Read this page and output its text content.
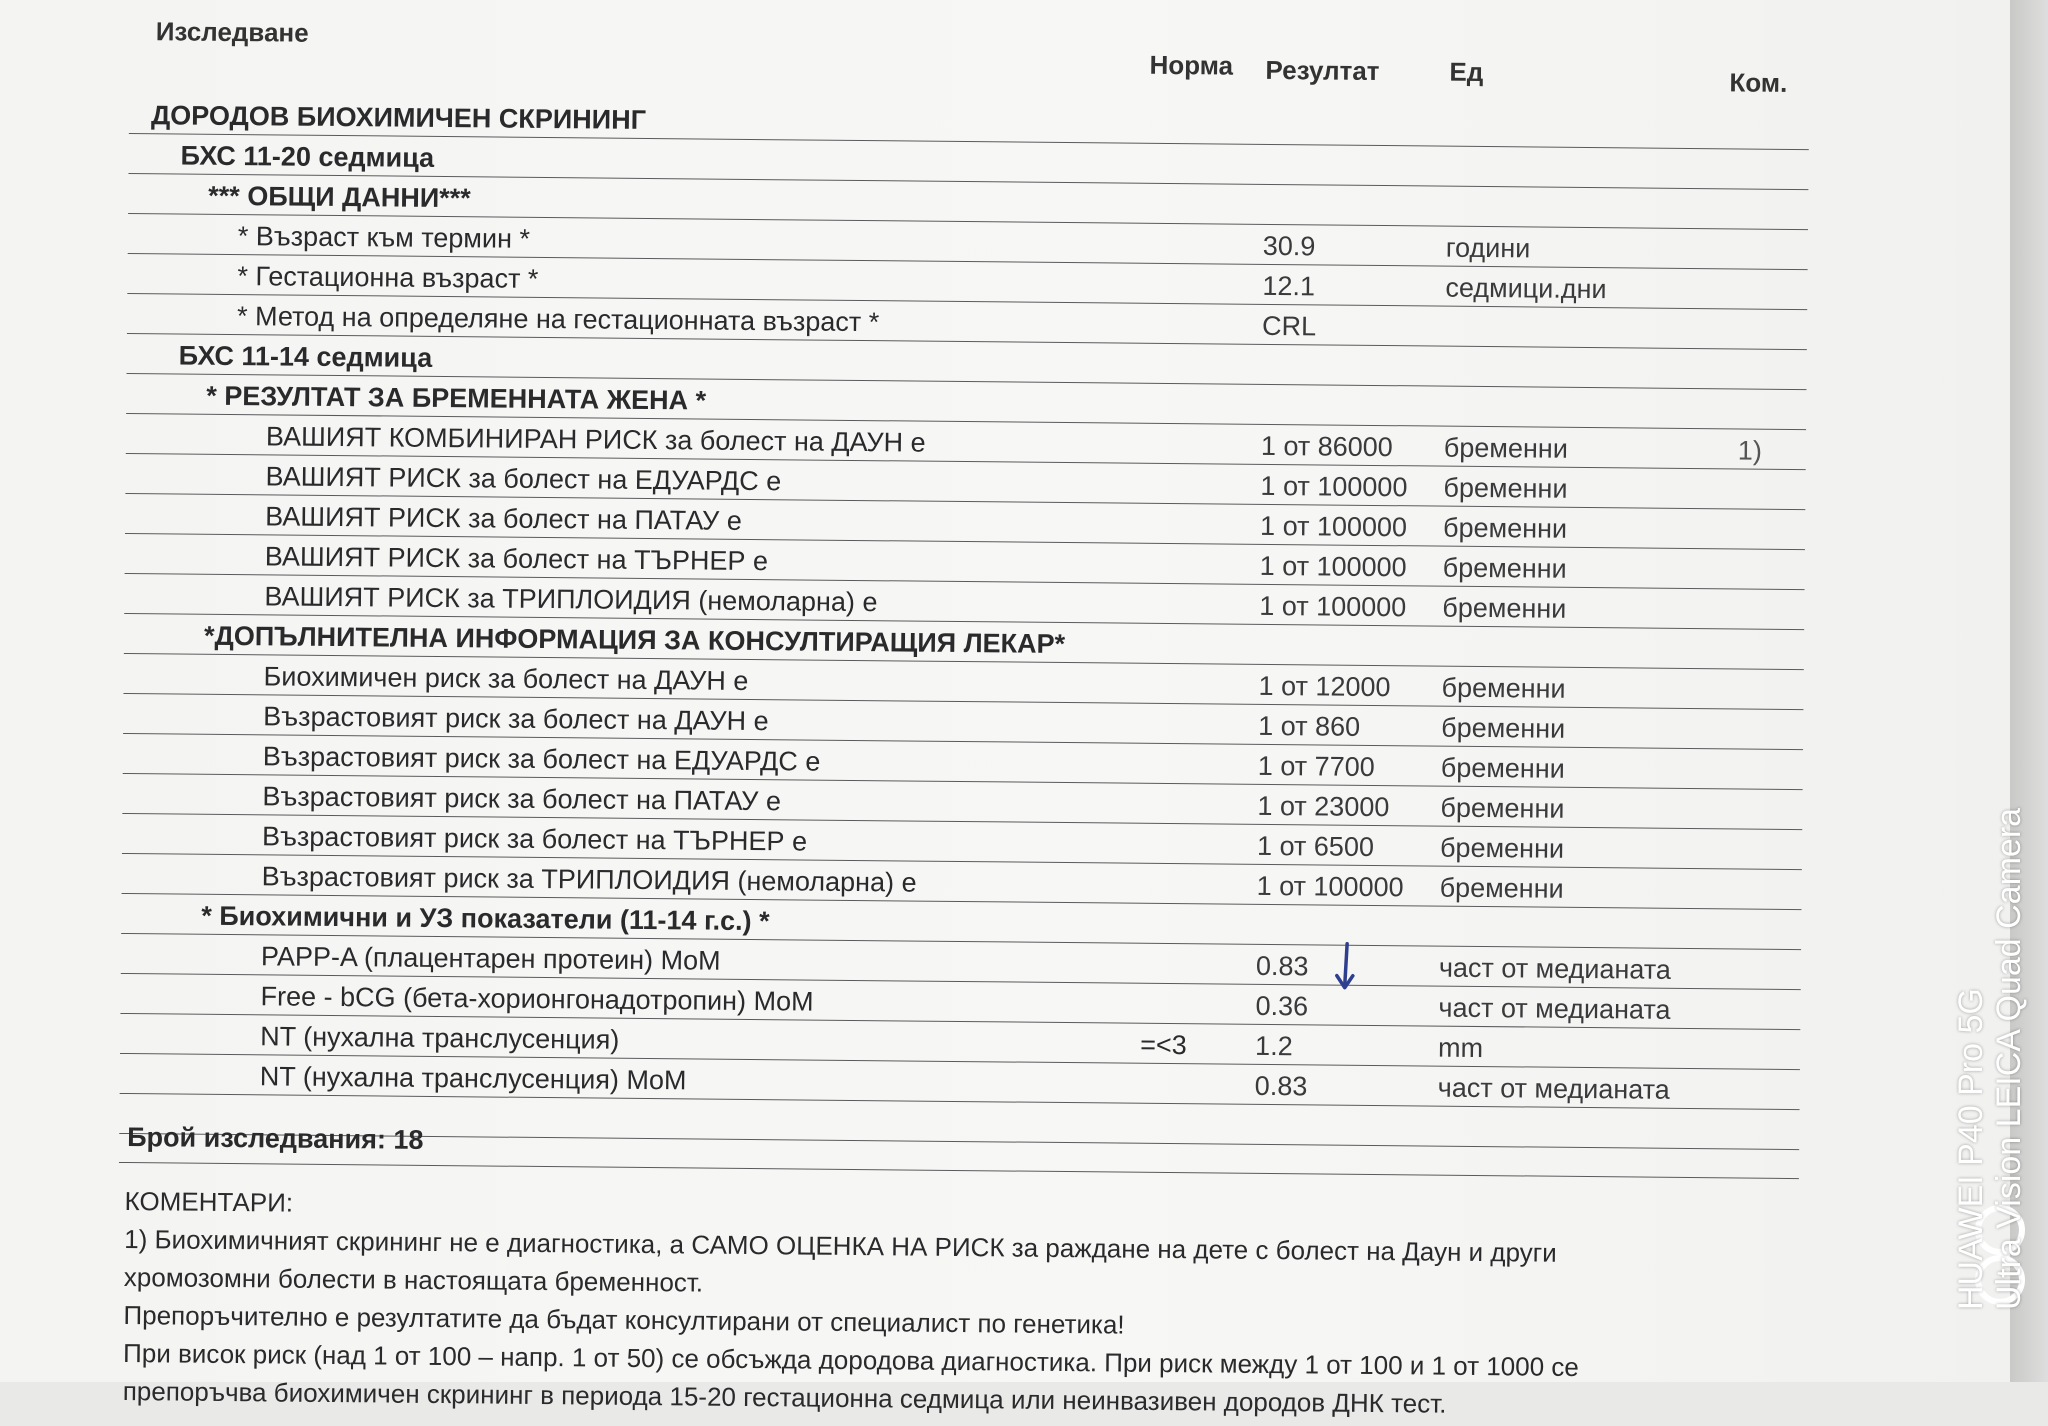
Изследване
Норма Резултат	Ед	Ком.
ДОРОДОВ БИОХИМИЧЕН СКРИНИНГ
БХС 11-20 седмица
*** ОБЩИ ДАННИ***
* Възраст към термин *	30.9	години
* Гестационна възраст *	12.1	седмици.дни
* Метод на определяне на гестационната възраст *	CRL
БХС 11-14 седмица
* РЕЗУЛТАТ ЗА БРЕМЕННАТА ЖЕНА *
ВАШИЯТ КОМБИНИРАН РИСК за болест на ДАУН е	1 от 86000 бременни	1)
ВАШИЯТ РИСК за болест на ЕДУАРДС е	1 от 100000 бременни
ВАШИЯТ РИСК за болест на ПАТАУ е	1 от 100000 бременни
ВАШИЯТ РИСК за болест на ТЪРНЕР е	1 от 100000 бременни
ВАШИЯТ РИСК за ТРИПЛОИДИЯ (немоларна) е	1 от 100000 бременни
*ДОПЪЛНИТЕЛНА ИНФОРМАЦИЯ ЗА КОНСУЛТИРАЩИЯ ЛЕКАР*
Биохимичен риск за болест на ДАУН е	1 от 12000 бременни
Възрастовият риск за болест на ДАУН е	1 от 860	бременни
Възрастовият риск за болест на ЕДУАРДС е	1 от 7700 бременни
Възрастовият риск за болест на ПАТАУ е	1 от 23000 бременни
Възрастовият риск за болест на ТЪРНЕР е	1 от 6500 бременни
Възрастовият риск за ТРИПЛОИДИЯ (немоларна) е	1 от 100000 бременни
* Биохимични и УЗ показатели (11-14 г.с.) *
PAPP-A (плацентарен протеин) MoM	0.83	част от медианата
Free - bCG (бета-хорионгонадотропин) MoM	0.36	част от медианата
NT (нухална транслусенция)	=<3	1.2	mm
NT (нухална транслусенция) MoM	0.83	част от медианата
Брой изследвания: 18

КОМЕНТАРИ:

1) Биохимичният скрининг не е диагностика, а САМО ОЦЕНКА НА РИСК за раждане на дете с болест на Даун и други

хромозомни болести в настоящата бременност.

Препоръчително е резултатите да бъдат консултирани от специалист по генетика!

При висок риск (над 1 от 100 – напр. 1 от 50) се обсъжда дородова диагностика. При риск между 1 от 100 и 1 от 1000 се

препоръчва биохимичен скрининг в периода 15-20 гестационна седмица или неинвазивен дородов ДНК тест.

HUAWEI P40 Pro 5G Ultra Vision LEICA Quad Camera
